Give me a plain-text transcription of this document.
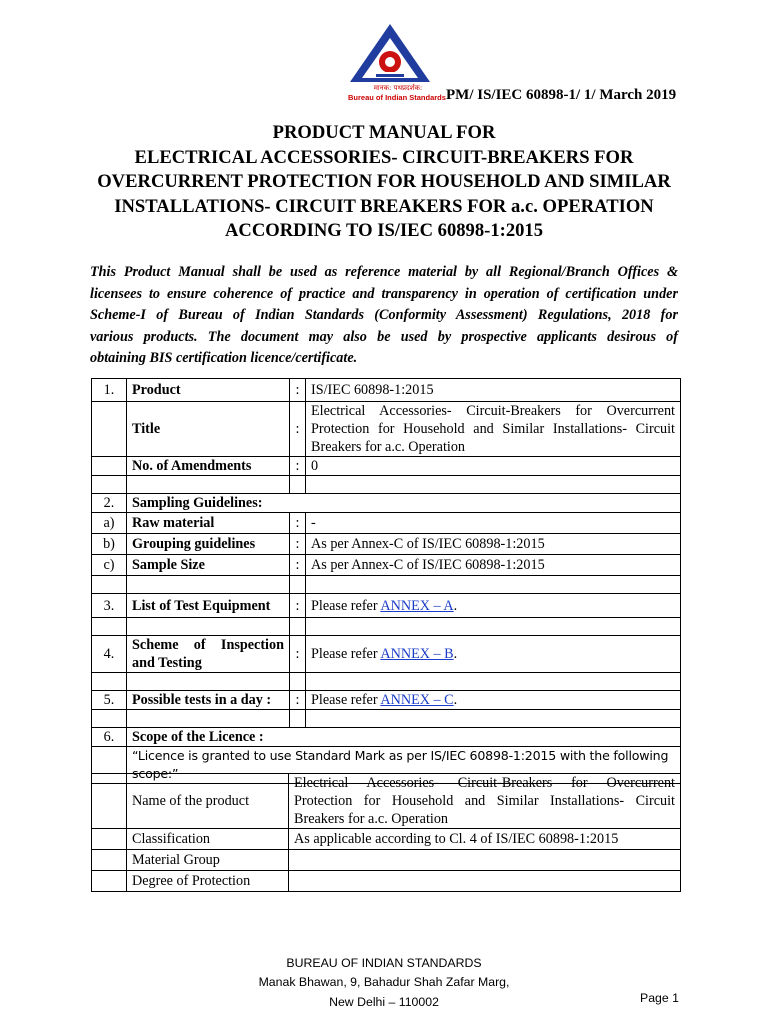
मानक: पथप्रदर्शक:
Bureau of Indian Standards PM/ IS/IEC 60898-1/ 1/ March 2019
PRODUCT MANUAL FOR
ELECTRICAL ACCESSORIES- CIRCUIT-BREAKERS FOR
OVERCURRENT PROTECTION FOR HOUSEHOLD AND SIMILAR
INSTALLATIONS- CIRCUIT BREAKERS FOR a.c. OPERATION
ACCORDING TO IS/IEC 60898-1:2015
This Product Manual shall be used as reference material by all Regional/Branch Offices &
licensees to ensure coherence of practice and transparency in operation of certification under
Scheme-I of Bureau of Indian Standards (Conformity Assessment) Regulations, 2018 for
various products. The document may also be used by prospective applicants desirous of
obtaining BIS certification licence/certificate.
1.	Product	:	IS/IEC 60898-1:2015
	Title	:	Electrical Accessories- Circuit-Breakers for Overcurrent Protection for Household and Similar Installations- Circuit Breakers for a.c. Operation
	No. of Amendments	:	0

2.	Sampling Guidelines:		
a)	Raw material	:	-
b)	Grouping guidelines	:	As per Annex-C of IS/IEC 60898-1:2015
c)	Sample Size	:	As per Annex-C of IS/IEC 60898-1:2015

3.	List of Test Equipment	:	Please refer ANNEX – A.

4.	Scheme of Inspection and Testing	:	Please refer ANNEX – B.

5.	Possible tests in a day :	:	Please refer ANNEX – C.

6.	Scope of the Licence :		
	“Licence is granted to use Standard Mark as per IS/IEC 60898-1:2015 with the following scope:”		
	Name of the product	Electrical Accessories- Circuit-Breakers for Overcurrent Protection for Household and Similar Installations- Circuit Breakers for a.c. Operation
	Classification	As applicable according to Cl. 4 of IS/IEC 60898-1:2015
	Material Group	
	Degree of Protection	
BUREAU OF INDIAN STANDARDS
Manak Bhawan, 9, Bahadur Shah Zafar Marg,
New Delhi – 110002	Page 1
